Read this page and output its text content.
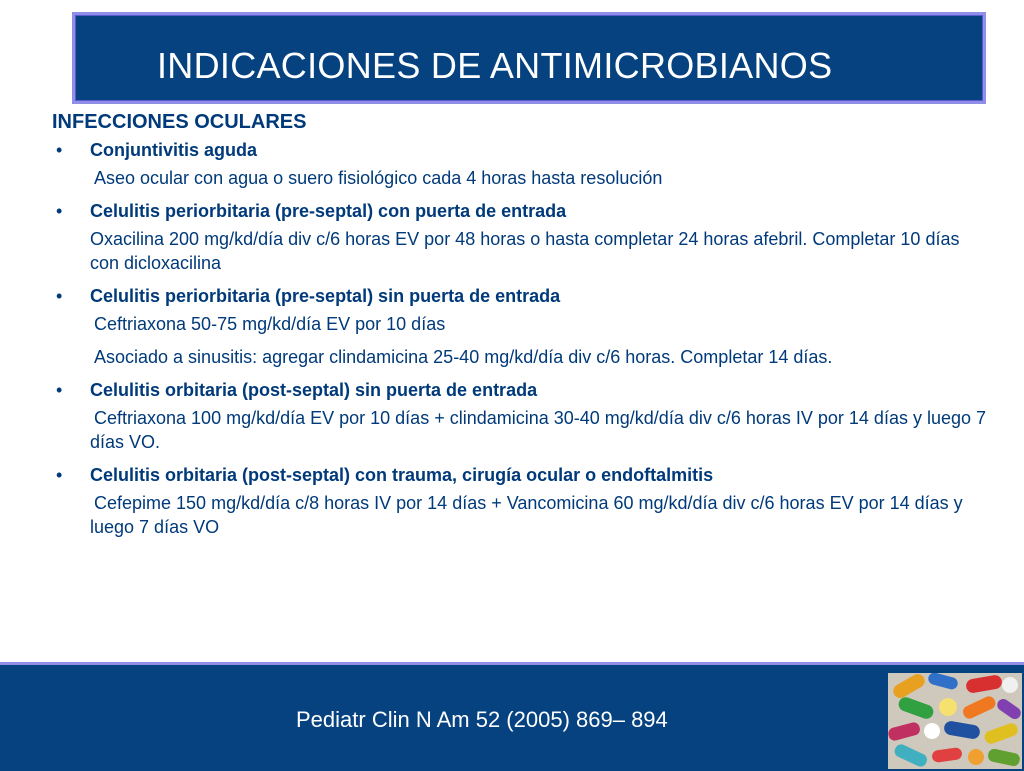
INDICACIONES DE ANTIMICROBIANOS
INFECCIONES OCULARES
• Conjuntivitis aguda
Aseo ocular con agua o suero fisiológico cada 4 horas hasta resolución
• Celulitis periorbitaria (pre-septal) con puerta de entrada
Oxacilina 200 mg/kd/día div c/6 horas EV por 48 horas o hasta completar 24 horas afebril. Completar 10 días con dicloxacilina
• Celulitis periorbitaria (pre-septal) sin puerta de entrada
Ceftriaxona 50-75 mg/kd/día EV por 10 días
Asociado a sinusitis: agregar clindamicina 25-40 mg/kd/día div c/6 horas. Completar 14 días.
• Celulitis orbitaria (post-septal) sin puerta de entrada
Ceftriaxona 100 mg/kd/día EV por 10 días + clindamicina 30-40 mg/kd/día div c/6 horas IV por 14 días y luego 7 días VO.
• Celulitis orbitaria (post-septal) con trauma, cirugía ocular o endoftalmitis
Cefepime 150 mg/kd/día c/8 horas IV por 14 días + Vancomicina 60 mg/kd/día div c/6 horas EV por 14 días y luego 7 días VO
Pediatr Clin N Am 52 (2005) 869– 894
